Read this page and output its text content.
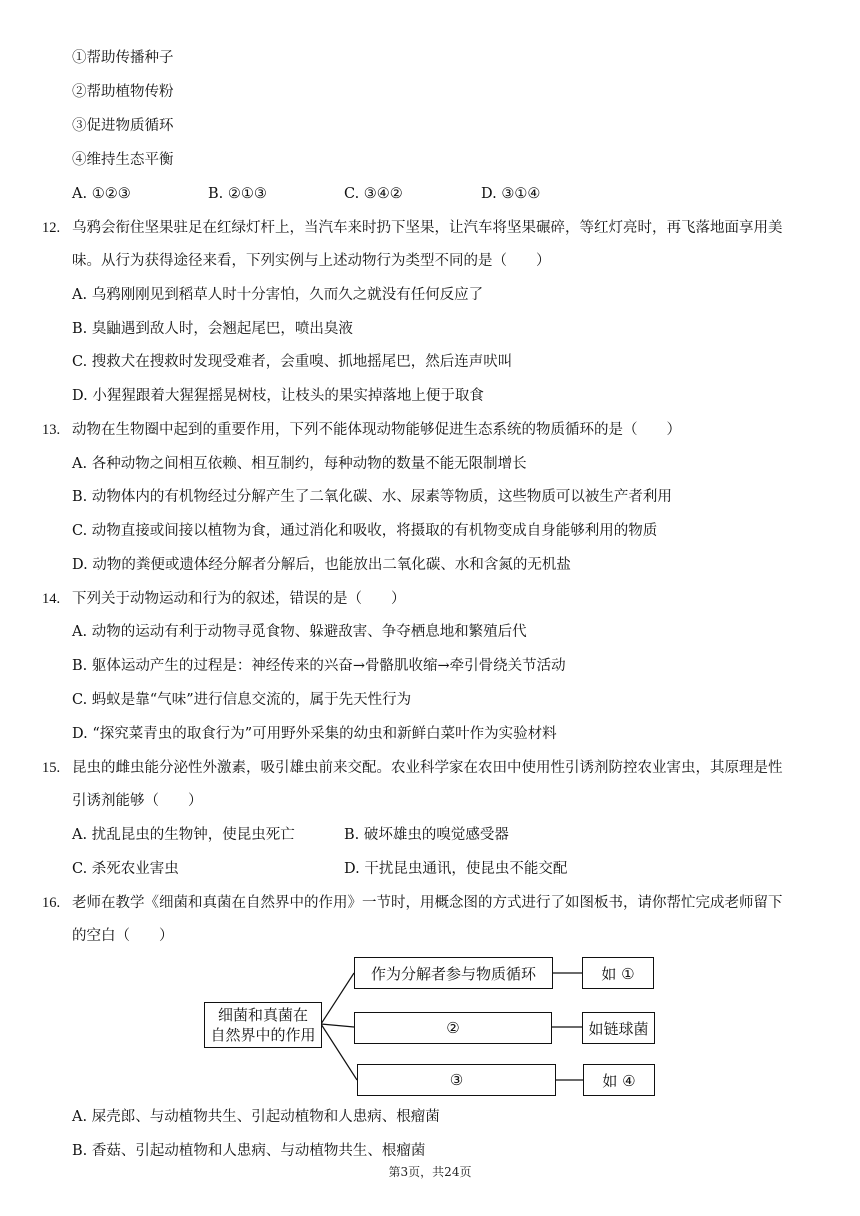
①帮助传播种子
②帮助植物传粉
③促进物质循环
④维持生态平衡
A. ①②③	B. ②①③	C. ③④②	D. ③①④
12. 乌鸦会衔住坚果驻足在红绿灯杆上，当汽车来时扔下坚果，让汽车将坚果碾碎，等红灯亮时，再飞落地面享用美
味。从行为获得途径来看，下列实例与上述动物行为类型不同的是（　　）
A. 乌鸦刚刚见到稻草人时十分害怕，久而久之就没有任何反应了
B. 臭鼬遇到敌人时，会翘起尾巴，喷出臭液
C. 搜救犬在搜救时发现受难者，会重嗅、抓地摇尾巴，然后连声吠叫
D. 小猩猩跟着大猩猩摇晃树枝，让枝头的果实掉落地上便于取食
13. 动物在生物圈中起到的重要作用，下列不能体现动物能够促进生态系统的物质循环的是（　　）
A. 各种动物之间相互依赖、相互制约，每种动物的数量不能无限制增长
B. 动物体内的有机物经过分解产生了二氧化碳、水、尿素等物质，这些物质可以被生产者利用
C. 动物直接或间接以植物为食，通过消化和吸收，将摄取的有机物变成自身能够利用的物质
D. 动物的粪便或遗体经分解者分解后，也能放出二氧化碳、水和含氮的无机盐
14. 下列关于动物运动和行为的叙述，错误的是（　　）
A. 动物的运动有利于动物寻觅食物、躲避敌害、争夺栖息地和繁殖后代
B. 躯体运动产生的过程是：神经传来的兴奋→骨骼肌收缩→牵引骨绕关节活动
C. 蚂蚁是靠“气味”进行信息交流的，属于先天性行为
D. “探究菜青虫的取食行为”可用野外采集的幼虫和新鲜白菜叶作为实验材料
15. 昆虫的雌虫能分泌性外激素，吸引雄虫前来交配。农业科学家在农田中使用性引诱剂防控农业害虫，其原理是性
引诱剂能够（　　）
A. 扰乱昆虫的生物钟，使昆虫死亡	B. 破坏雄虫的嗅觉感受器
C. 杀死农业害虫	D. 干扰昆虫通讯，使昆虫不能交配
16. 老师在教学《细菌和真菌在自然界中的作用》一节时，用概念图的方式进行了如图板书，请你帮忙完成老师留下
的空白（　　）
细菌和真菌在
自然界中的作用
作为分解者参与物质循环
②
③
如 ①
如链球菌
如 ④
A. 屎壳郎、与动植物共生、引起动植物和人患病、根瘤菌
B. 香菇、引起动植物和人患病、与动植物共生、根瘤菌
第3页，共24页
